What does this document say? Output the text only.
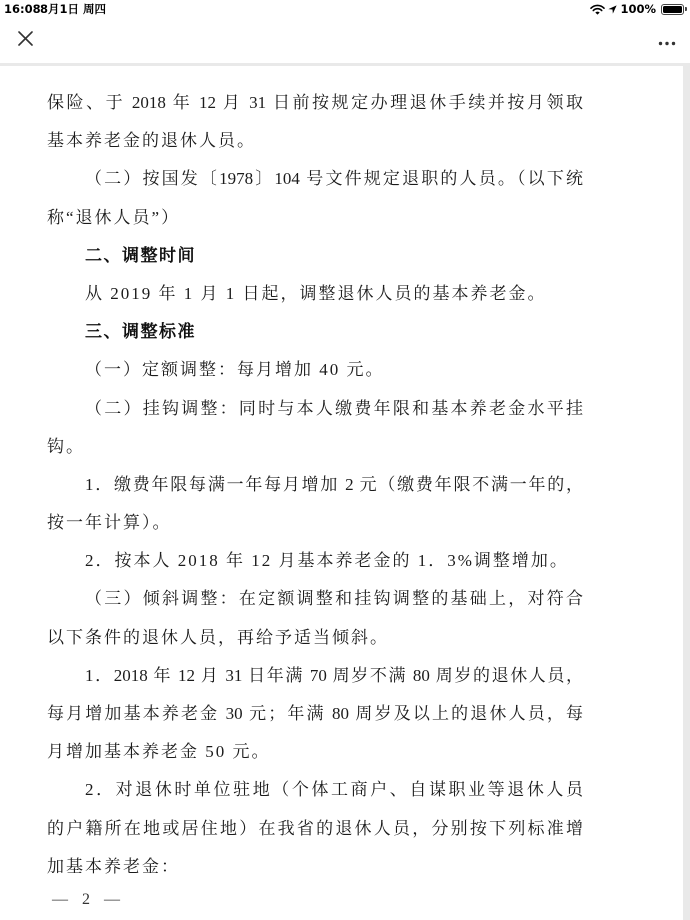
16:08 8月1日 周四	100%
保险、于 2018 年 12 月 31 日前按规定办理退休手续并按月领取
基本养老金的退休人员。
（二）按国发〔1978〕104 号文件规定退职的人员。（以下统
称“退休人员”）
二、调整时间
从 2019 年 1 月 1 日起，调整退休人员的基本养老金。
三、调整标准
（一）定额调整：每月增加 40 元。
（二）挂钩调整：同时与本人缴费年限和基本养老金水平挂
钩。
1．缴费年限每满一年每月增加 2 元（缴费年限不满一年的，
按一年计算）。
2．按本人 2018 年 12 月基本养老金的 1．3%调整增加。
（三）倾斜调整：在定额调整和挂钩调整的基础上，对符合
以下条件的退休人员，再给予适当倾斜。
1．2018 年 12 月 31 日年满 70 周岁不满 80 周岁的退休人员，
每月增加基本养老金 30 元；年满 80 周岁及以上的退休人员，每
月增加基本养老金 50 元。
2．对退休时单位驻地（个体工商户、自谋职业等退休人员
的户籍所在地或居住地）在我省的退休人员，分别按下列标准增
加基本养老金：
— 2 —
